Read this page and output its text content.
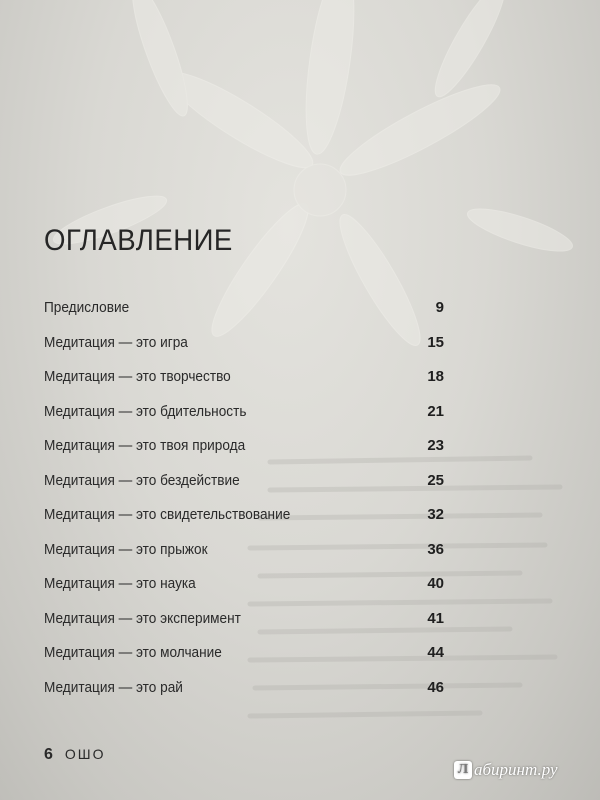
ОГЛАВЛЕНИЕ
Предисловие	9
Медитация — это игра	15
Медитация — это творчество	18
Медитация — это бдительность	21
Медитация — это твоя природа	23
Медитация — это бездействие	25
Медитация — это свидетельствование	32
Медитация — это прыжок	36
Медитация — это наука	40
Медитация — это эксперимент	41
Медитация — это молчание	44
Медитация — это рай	46
6 ОШО
Л абиринт.ру
